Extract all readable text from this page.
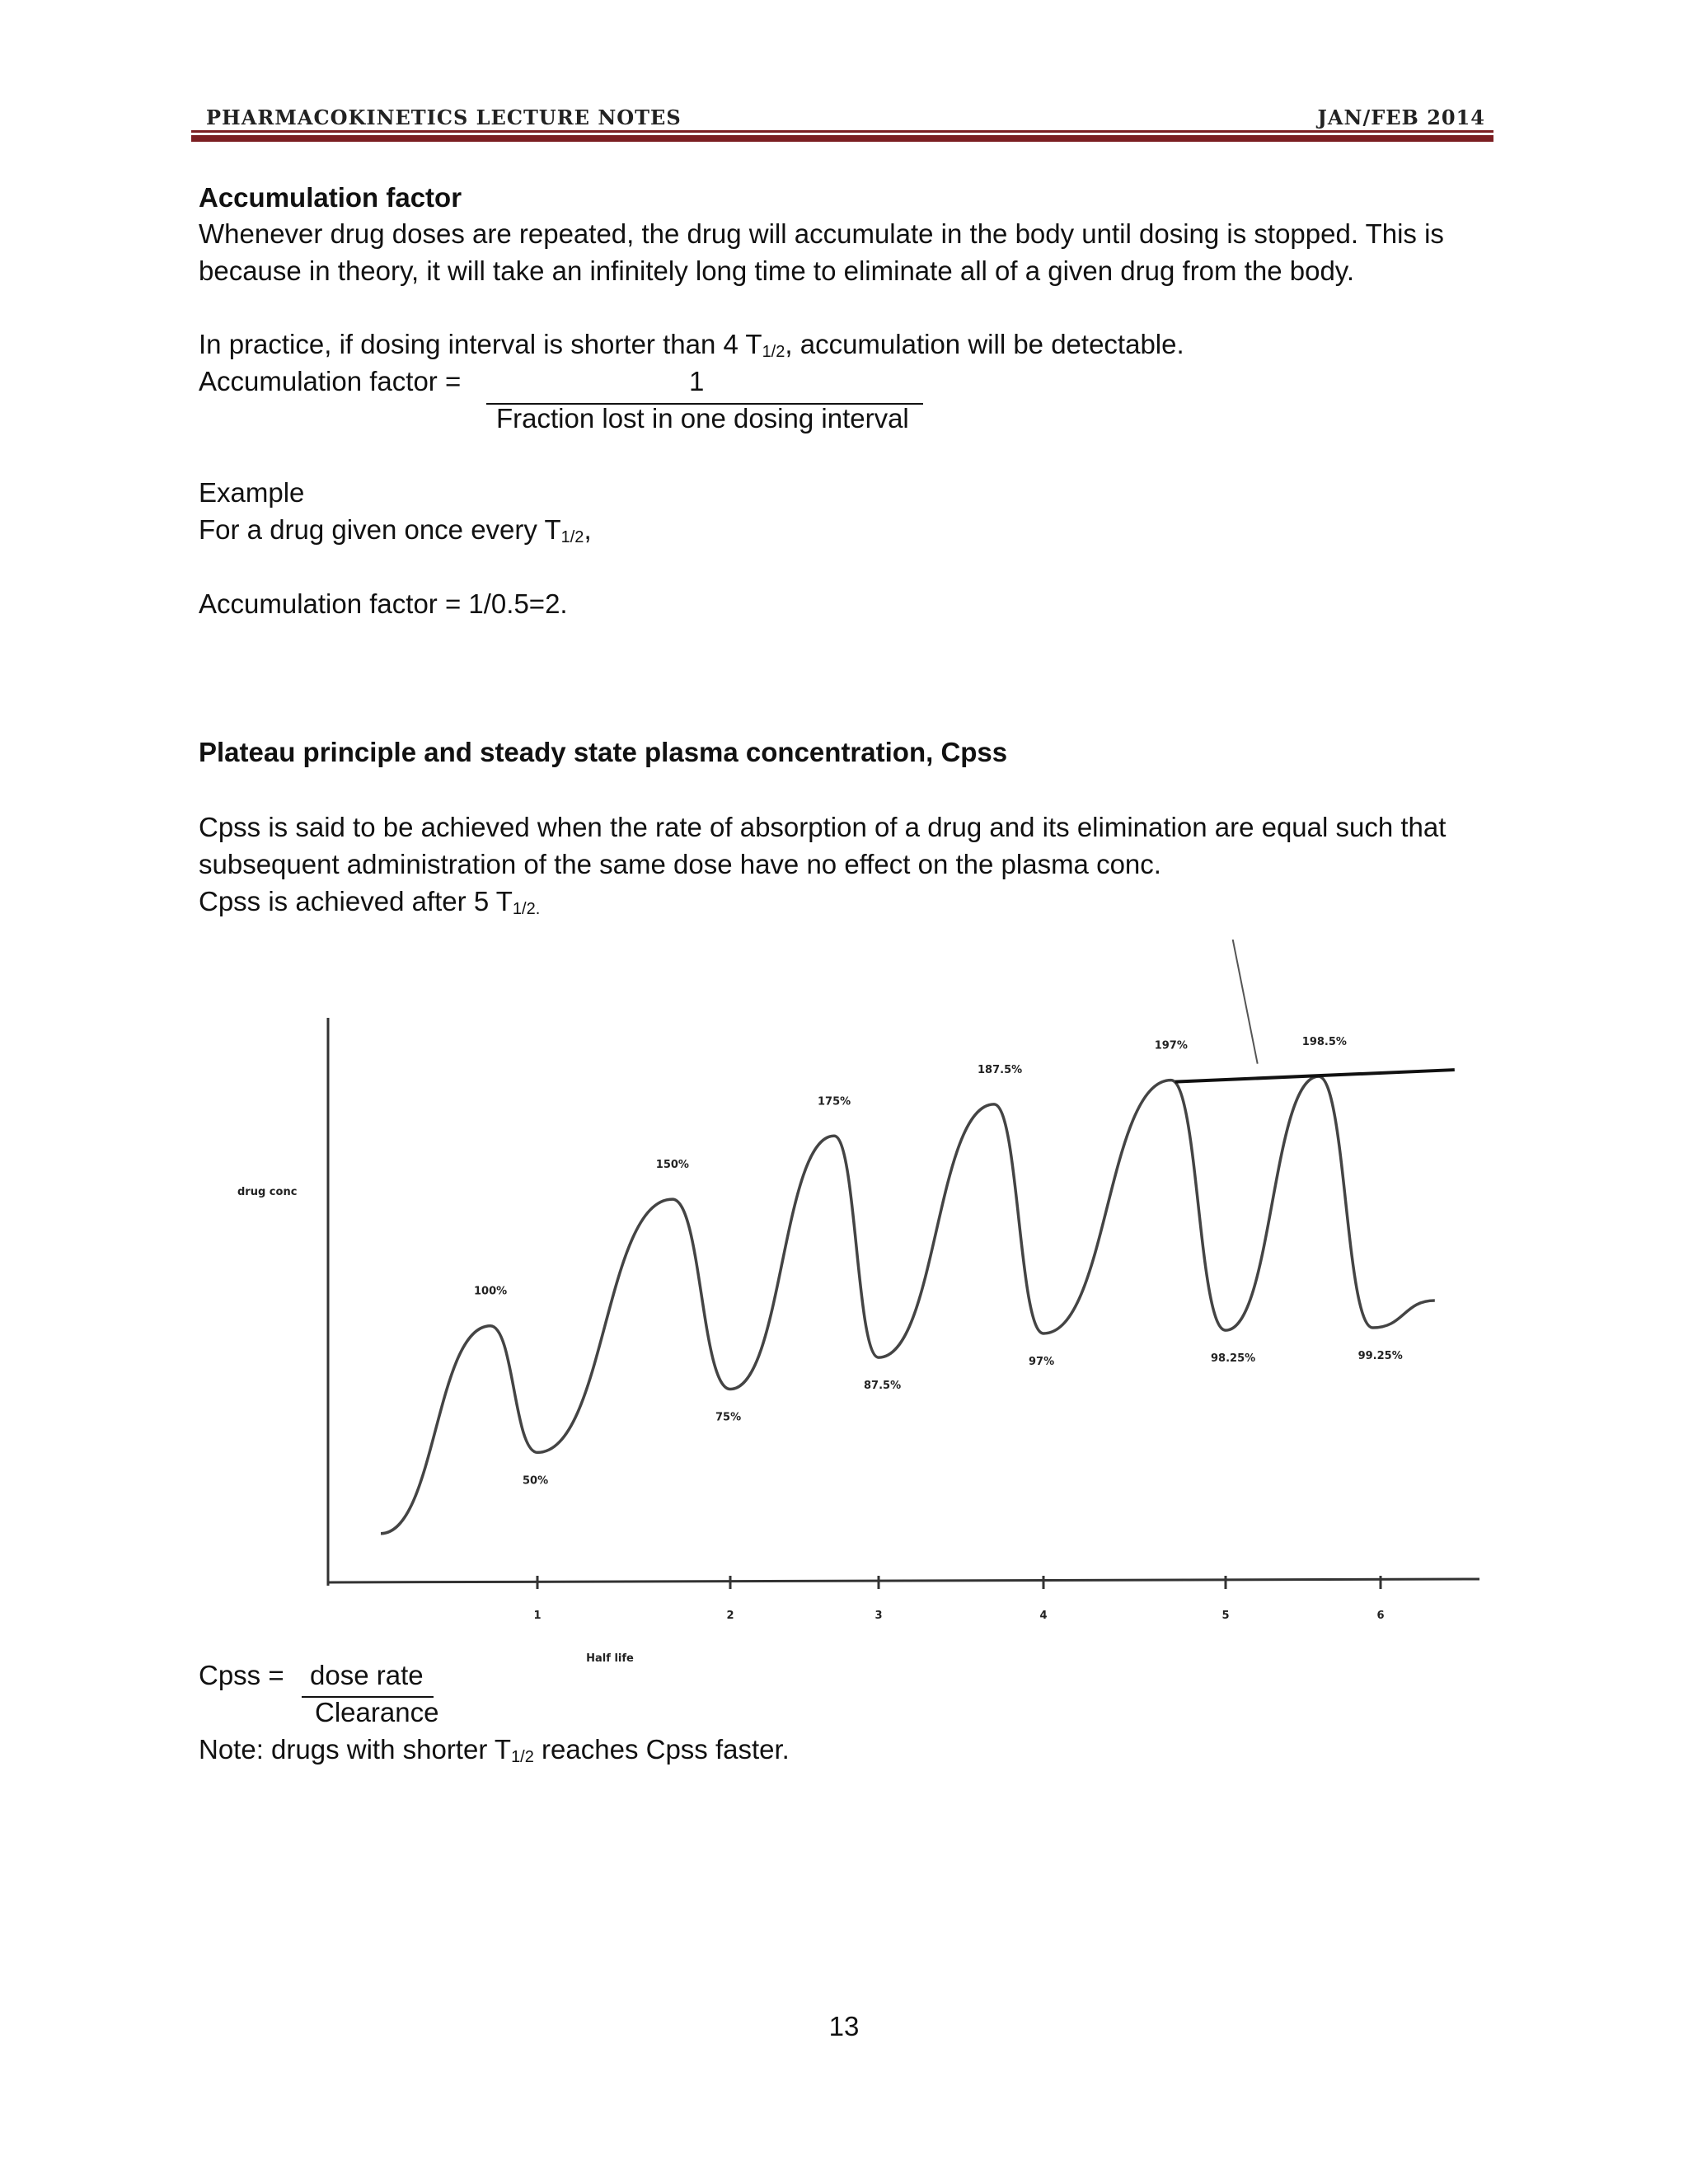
PHARMACOKINETICS LECTURE NOTES	JAN/FEB 2014
Accumulation factor
Whenever drug doses are repeated, the drug will accumulate in the body until dosing is stopped. This is
because in theory, it will take an infinitely long time to eliminate all of a given drug from the body.
In practice, if dosing interval is shorter than 4 $T_{1/2}$, accumulation will be detectable.
Accumulation factor =	1
Fraction lost in one dosing interval
Example
For a drug given once every $T_{1/2}$,
Accumulation factor = 1/0.5=2.
Plateau principle and steady state plasma concentration, Cpss
Cpss is said to be achieved when the rate of absorption of a drug and its elimination are equal such that
subsequent administration of the same dose have no effect on the plasma conc.
Cpss is achieved after 5 $T_{1/2.}$
1	2	3	4	5	6
Half life
drug conc
100%
150%
175%
187.5%
197%	198.5%
50%
75%
87.5%
97%	98.25%	99.25%
Cpss = dose rate
Clearance
Note: drugs with shorter $T_{1/2}$ reaches Cpss faster.
13
